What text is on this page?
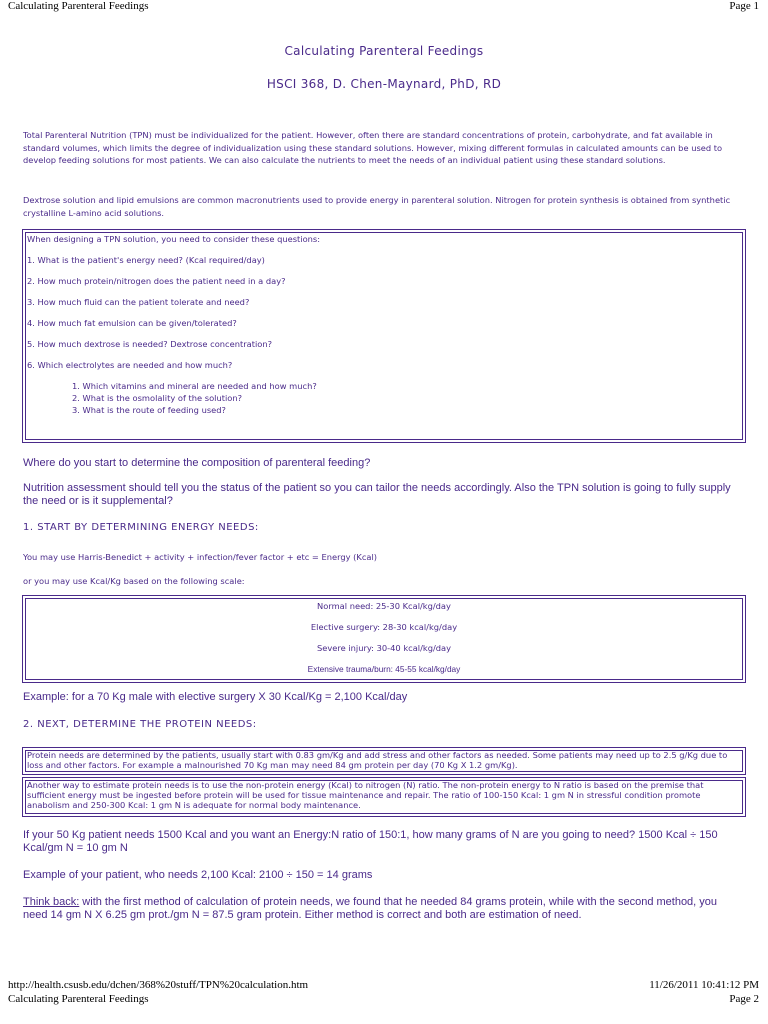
Calculating Parenteral Feedings	Page 1
Calculating Parenteral Feedings
HSCI 368, D. Chen-Maynard, PhD, RD
Total Parenteral Nutrition (TPN) must be individualized for the patient. However, often there are standard concentrations of protein, carbohydrate, and fat available in standard volumes, which limits the degree of individualization using these standard solutions. However, mixing different formulas in calculated amounts can be used to develop feeding solutions for most patients. We can also calculate the nutrients to meet the needs of an individual patient using these standard solutions.
Dextrose solution and lipid emulsions are common macronutrients used to provide energy in parenteral solution. Nitrogen for protein synthesis is obtained from synthetic crystalline L-amino acid solutions.
When designing a TPN solution, you need to consider these questions:
1. What is the patient's energy need? (Kcal required/day)
2. How much protein/nitrogen does the patient need in a day?
3. How much fluid can the patient tolerate and need?
4. How much fat emulsion can be given/tolerated?
5. How much dextrose is needed? Dextrose concentration?
6. Which electrolytes are needed and how much?
1. Which vitamins and mineral are needed and how much?
2. What is the osmolality of the solution?
3. What is the route of feeding used?
Where do you start to determine the composition of parenteral feeding?
Nutrition assessment should tell you the status of the patient so you can tailor the needs accordingly. Also the TPN solution is going to fully supply the need or is it supplemental?
1. START BY DETERMINING ENERGY NEEDS:
You may use Harris-Benedict + activity + infection/fever factor + etc = Energy (Kcal)
or you may use Kcal/Kg based on the following scale:
Normal need: 25-30 Kcal/kg/day
Elective surgery: 28-30 kcal/kg/day
Severe injury: 30-40 kcal/kg/day
Extensive trauma/burn: 45-55 kcal/kg/day
Example: for a 70 Kg male with elective surgery X 30 Kcal/Kg = 2,100 Kcal/day
2. NEXT, DETERMINE THE PROTEIN NEEDS:
Protein needs are determined by the patients, usually start with 0.83 gm/Kg and add stress and other factors as needed. Some patients may need up to 2.5 g/Kg due to loss and other factors. For example a malnourished 70 Kg man may need 84 gm protein per day (70 Kg X 1.2 gm/Kg).
Another way to estimate protein needs is to use the non-protein energy (Kcal) to nitrogen (N) ratio. The non-protein energy to N ratio is based on the premise that sufficient energy must be ingested before protein will be used for tissue maintenance and repair. The ratio of 100-150 Kcal: 1 gm N in stressful condition promote anabolism and 250-300 Kcal: 1 gm N is adequate for normal body maintenance.
If your 50 Kg patient needs 1500 Kcal and you want an Energy:N ratio of 150:1, how many grams of N are you going to need? 1500 Kcal ÷ 150 Kcal/gm N = 10 gm N
Example of your patient, who needs 2,100 Kcal: 2100 ÷ 150 = 14 grams
Think back: with the first method of calculation of protein needs, we found that he needed 84 grams protein, while with the second method, you need 14 gm N X 6.25 gm prot./gm N = 87.5 gram protein. Either method is correct and both are estimation of need.
http://health.csusb.edu/dchen/368%20stuff/TPN%20calculation.htm	11/26/2011 10:41:12 PM
Calculating Parenteral Feedings	Page 2
